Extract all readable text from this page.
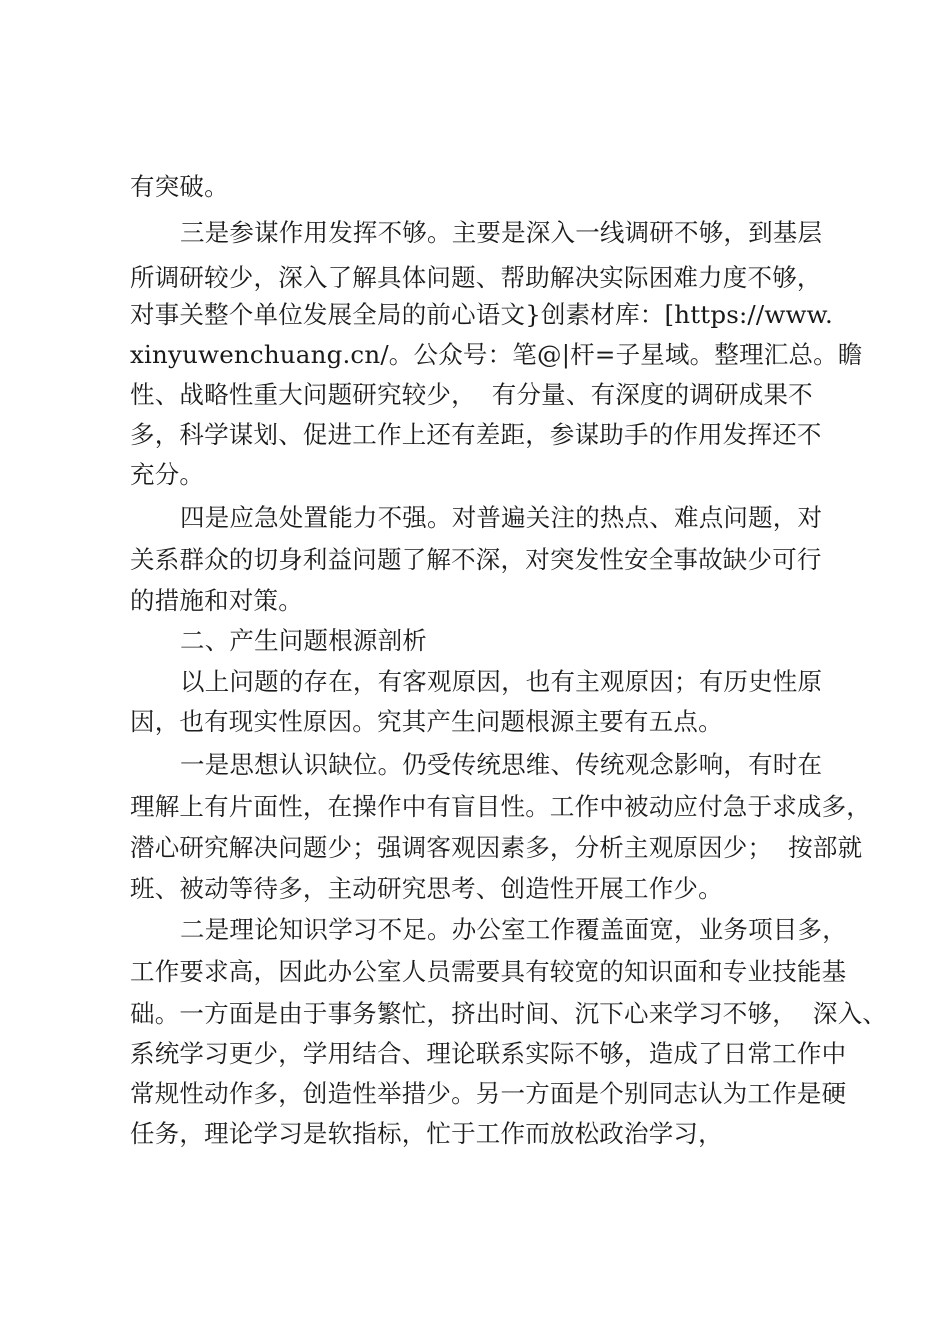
有突破。
三是参谋作用发挥不够。主要是深入一线调研不够，到基层
所调研较少，深入了解具体问题、帮助解决实际困难力度不够，
对事关整个单位发展全局的前心语文}创素材库：[https://www.
xinyuwenchuang.cn/。公众号：笔@|杆=子星域。整理汇总。瞻
性、战略性重大问题研究较少，  有分量、有深度的调研成果不
多，科学谋划、促进工作上还有差距，参谋助手的作用发挥还不
充分。
四是应急处置能力不强。对普遍关注的热点、难点问题，对
关系群众的切身利益问题了解不深，对突发性安全事故缺少可行
的措施和对策。
二、产生问题根源剖析
以上问题的存在，有客观原因，也有主观原因；有历史性原
因，也有现实性原因。究其产生问题根源主要有五点。
一是思想认识缺位。仍受传统思维、传统观念影响，有时在
理解上有片面性，在操作中有盲目性。工作中被动应付急于求成多，
潜心研究解决问题少；强调客观因素多，分析主观原因少；  按部就
班、被动等待多，主动研究思考、创造性开展工作少。
二是理论知识学习不足。办公室工作覆盖面宽，业务项目多，
工作要求高，因此办公室人员需要具有较宽的知识面和专业技能基
础。一方面是由于事务繁忙，挤出时间、沉下心来学习不够，  深入、
系统学习更少，学用结合、理论联系实际不够，造成了日常工作中
常规性动作多，创造性举措少。另一方面是个别同志认为工作是硬
任务，理论学习是软指标，忙于工作而放松政治学习，
